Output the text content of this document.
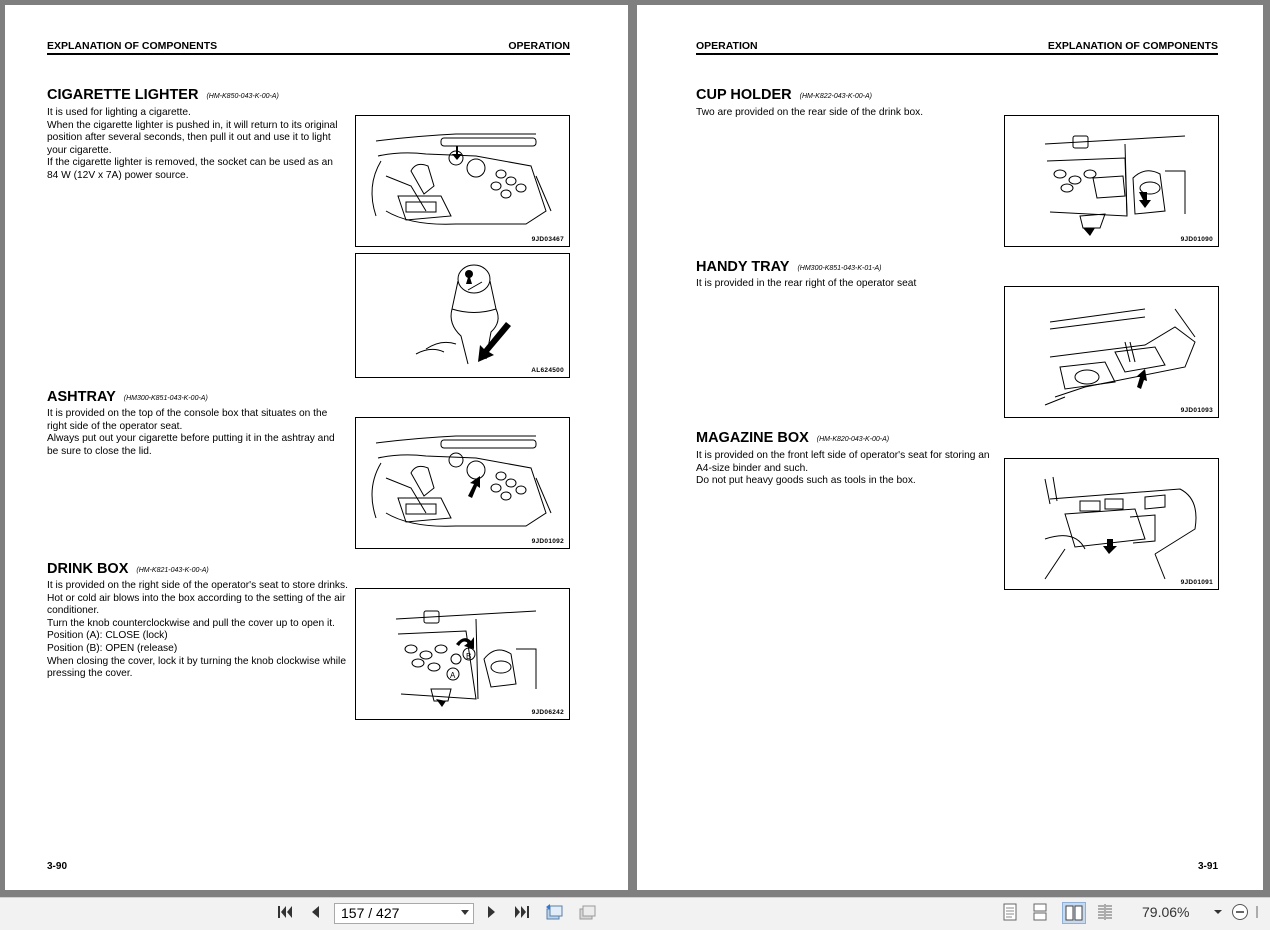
EXPLANATION OF COMPONENTS	OPERATION
CIGARETTE LIGHTER (HM-K850-043-K-00-A)
It is used for lighting a cigarette.
When the cigarette lighter is pushed in, it will return to its original position after several seconds, then pull it out and use it to light your cigarette.
If the cigarette lighter is removed, the socket can be used as an 84 W (12V x 7A) power source.
9JD03467
AL624500
ASHTRAY (HM300-K851-043-K-00-A)
It is provided on the top of the console box that situates on the right side of the operator seat.
Always put out your cigarette before putting it in the ashtray and be sure to close the lid.
9JD01092
DRINK BOX (HM-K821-043-K-00-A)
It is provided on the right side of the operator's seat to store drinks.
Hot or cold air blows into the box according to the setting of the air conditioner.
Turn the knob counterclockwise and pull the cover up to open it.
Position (A): CLOSE (lock)
Position (B): OPEN (release)
When closing the cover, lock it by turning the knob clockwise while pressing the cover.	A
B
9JD06242
3-90
OPERATION	EXPLANATION OF COMPONENTS
CUP HOLDER (HM-K822-043-K-00-A)
Two are provided on the rear side of the drink box.
9JD01090
HANDY TRAY (HM300-K851-043-K-01-A)
It is provided in the rear right of the operator seat
9JD01093
MAGAZINE BOX (HM-K820-043-K-00-A)
It is provided on the front left side of operator's seat for storing an A4-size binder and such.
Do not put heavy goods such as tools in the box.
9JD01091
3-91
157 / 427	79.06%
